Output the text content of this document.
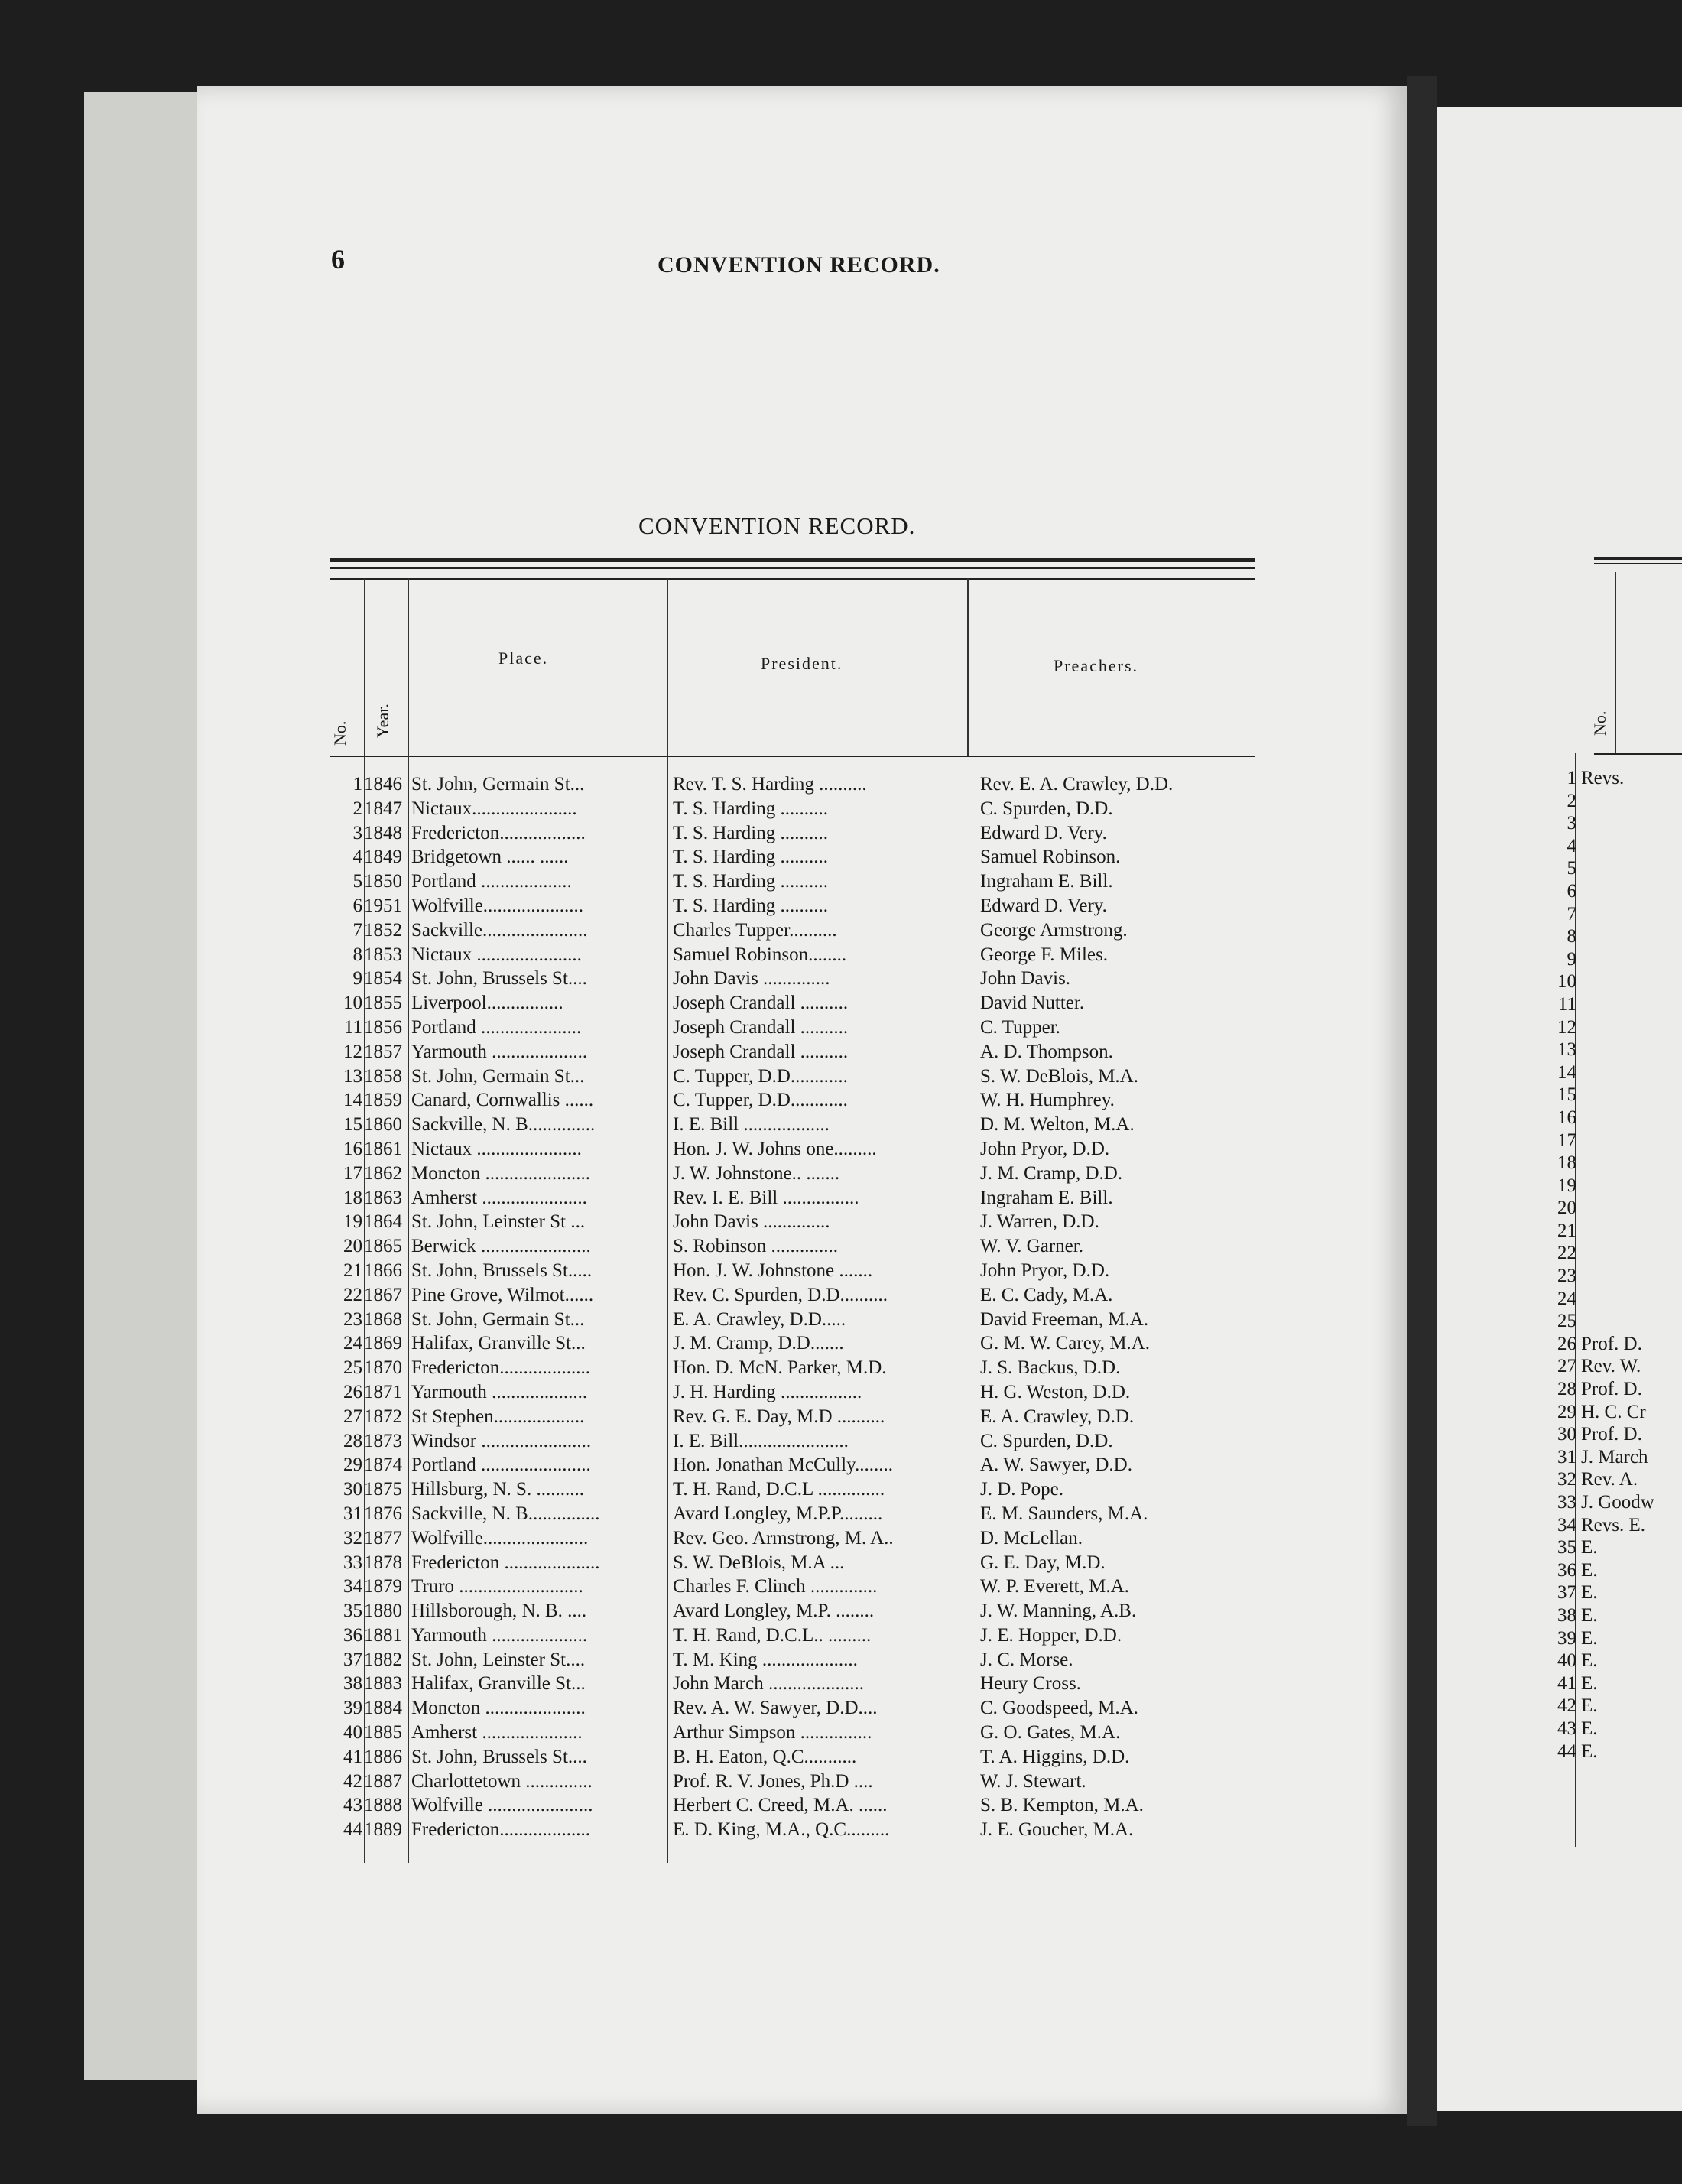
6	CONVENTION RECORD.
CONVENTION RECORD.
No. Year.
Place.	President.	Preachers.
1 1846 St. John, Germain St...	Rev. T. S. Harding ..........	Rev. E. A. Crawley, D.D.
2 1847 Nictaux......................	T. S. Harding ..........	C. Spurden, D.D.
3 1848 Fredericton..................	T. S. Harding ..........	Edward D. Very.
4 1849 Bridgetown ...... ......	T. S. Harding ..........	Samuel Robinson.
5 1850 Portland ...................	T. S. Harding ..........	Ingraham E. Bill.
6 1951 Wolfville.....................	T. S. Harding ..........	Edward D. Very.
7 1852 Sackville......................	Charles Tupper..........	George Armstrong.
8 1853 Nictaux ......................	Samuel Robinson........	George F. Miles.
9 1854 St. John, Brussels St....	John Davis ..............	John Davis.
10 1855 Liverpool................	Joseph Crandall ..........	David Nutter.
11 1856 Portland .....................	Joseph Crandall ..........	C. Tupper.
12 1857 Yarmouth ....................	Joseph Crandall ..........	A. D. Thompson.
13 1858 St. John, Germain St...	C. Tupper, D.D............	S. W. DeBlois, M.A.
14 1859 Canard, Cornwallis ......	C. Tupper, D.D............	W. H. Humphrey.
15 1860 Sackville, N. B..............	I. E. Bill ..................	D. M. Welton, M.A.
16 1861 Nictaux ......................	Hon. J. W. Johns one.........	John Pryor, D.D.
17 1862 Moncton ......................	J. W. Johnstone.. .......	J. M. Cramp, D.D.
18 1863 Amherst ......................	Rev. I. E. Bill ................	Ingraham E. Bill.
19 1864 St. John, Leinster St ...	John Davis ..............	J. Warren, D.D.
20 1865 Berwick .......................	S. Robinson ..............	W. V. Garner.
21 1866 St. John, Brussels St.....	Hon. J. W. Johnstone .......	John Pryor, D.D.
22 1867 Pine Grove, Wilmot......	Rev. C. Spurden, D.D..........	E. C. Cady, M.A.
23 1868 St. John, Germain St...	E. A. Crawley, D.D.....	David Freeman, M.A.
24 1869 Halifax, Granville St...	J. M. Cramp, D.D.......	G. M. W. Carey, M.A.
25 1870 Fredericton...................	Hon. D. McN. Parker, M.D.	J. S. Backus, D.D.
26 1871 Yarmouth ....................	J. H. Harding .................	H. G. Weston, D.D.
27 1872 St Stephen...................	Rev. G. E. Day, M.D ..........	E. A. Crawley, D.D.
28 1873 Windsor .......................	I. E. Bill.......................	C. Spurden, D.D.
29 1874 Portland .......................	Hon. Jonathan McCully........	A. W. Sawyer, D.D.
30 1875 Hillsburg, N. S. ..........	T. H. Rand, D.C.L ..............	J. D. Pope.
31 1876 Sackville, N. B...............	Avard Longley, M.P.P.........	E. M. Saunders, M.A.
32 1877 Wolfville......................	Rev. Geo. Armstrong, M. A..	D. McLellan.
33 1878 Fredericton ....................	S. W. DeBlois, M.A ...	G. E. Day, M.D.
34 1879 Truro ..........................	Charles F. Clinch ..............	W. P. Everett, M.A.
35 1880 Hillsborough, N. B. ....	Avard Longley, M.P. ........	J. W. Manning, A.B.
36 1881 Yarmouth ....................	T. H. Rand, D.C.L.. .........	J. E. Hopper, D.D.
37 1882 St. John, Leinster St....	T. M. King ....................	J. C. Morse.
38 1883 Halifax, Granville St...	John March ....................	Heury Cross.
39 1884 Moncton .....................	Rev. A. W. Sawyer, D.D....	C. Goodspeed, M.A.
40 1885 Amherst .....................	Arthur Simpson ...............	G. O. Gates, M.A.
41 1886 St. John, Brussels St....	B. H. Eaton, Q.C...........	T. A. Higgins, D.D.
42 1887 Charlottetown ..............	Prof. R. V. Jones, Ph.D ....	W. J. Stewart.
43 1888 Wolfville ......................	Herbert C. Creed, M.A. ......	S. B. Kempton, M.A.
44 1889 Fredericton...................	E. D. King, M.A., Q.C.........	J. E. Goucher, M.A.
No.
1 Revs.
2
3
4
5
6
7
8
9
10
11
12
13
14
15
16
17
18
19
20
21
22
23
24
25
26 Prof. D.
27 Rev. W.
28 Prof. D.
29 H. C. Cr
30 Prof. D.
31 J. March
32 Rev. A.
33 J. Goodw
34 Revs. E.
35 E.
36 E.
37 E.
38 E.
39 E.
40 E.
41 E.
42 E.
43 E.
44 E.
